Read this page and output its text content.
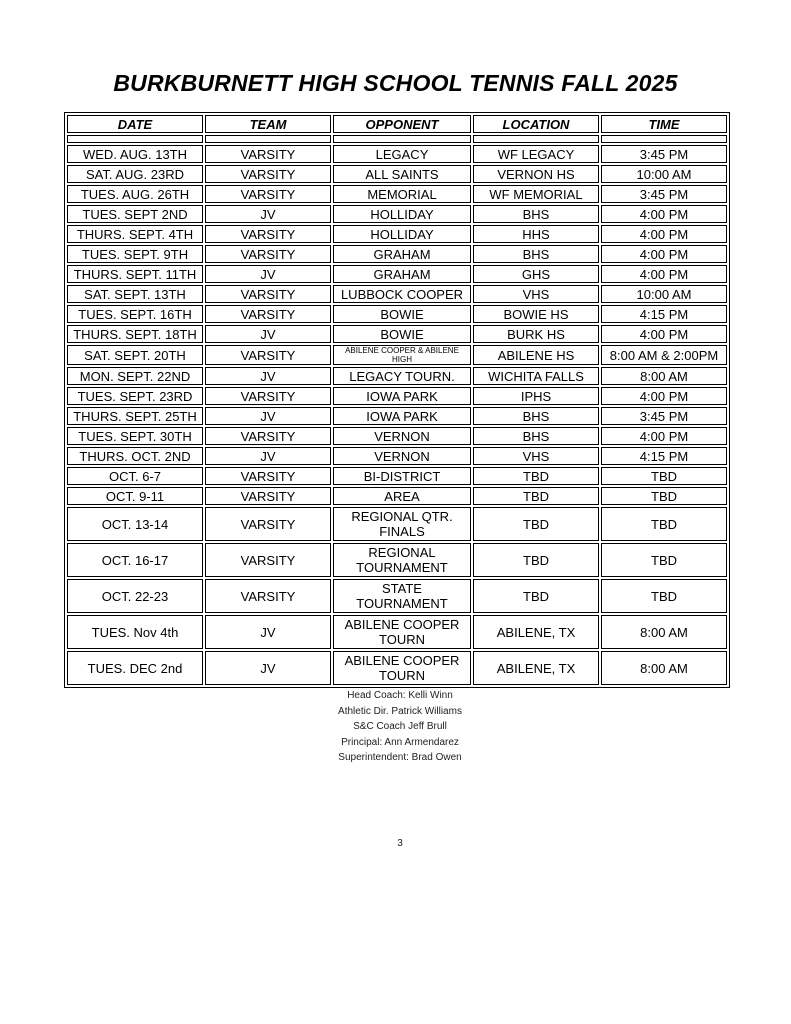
BURKBURNETT HIGH SCHOOL TENNIS FALL 2025
DATE	TEAM	OPPONENT	LOCATION	TIME

WED. AUG. 13TH	VARSITY	LEGACY	WF LEGACY	3:45 PM
SAT. AUG. 23RD	VARSITY	ALL SAINTS	VERNON HS	10:00 AM
TUES. AUG. 26TH	VARSITY	MEMORIAL	WF MEMORIAL	3:45 PM
TUES. SEPT 2ND	JV	HOLLIDAY	BHS	4:00 PM
THURS. SEPT. 4TH	VARSITY	HOLLIDAY	HHS	4:00 PM
TUES. SEPT. 9TH	VARSITY	GRAHAM	BHS	4:00 PM
THURS. SEPT. 11TH	JV	GRAHAM	GHS	4:00 PM
SAT. SEPT. 13TH	VARSITY	LUBBOCK COOPER	VHS	10:00 AM
TUES. SEPT. 16TH	VARSITY	BOWIE	BOWIE HS	4:15 PM
THURS. SEPT. 18TH	JV	BOWIE	BURK HS	4:00 PM
SAT. SEPT. 20TH	VARSITY	ABILENE COOPER & ABILENE HIGH	ABILENE HS	8:00 AM & 2:00PM
MON. SEPT. 22ND	JV	LEGACY TOURN.	WICHITA FALLS	8:00 AM
TUES. SEPT. 23RD	VARSITY	IOWA PARK	IPHS	4:00 PM
THURS. SEPT. 25TH	JV	IOWA PARK	BHS	3:45 PM
TUES. SEPT. 30TH	VARSITY	VERNON	BHS	4:00 PM
THURS. OCT. 2ND	JV	VERNON	VHS	4:15 PM
OCT. 6-7	VARSITY	BI-DISTRICT	TBD	TBD
OCT. 9-11	VARSITY	AREA	TBD	TBD
OCT. 13-14	VARSITY	REGIONAL QTR. FINALS	TBD	TBD
OCT. 16-17	VARSITY	REGIONAL TOURNAMENT	TBD	TBD
OCT. 22-23	VARSITY	STATE TOURNAMENT	TBD	TBD
TUES. Nov 4th	JV	ABILENE COOPER TOURN	ABILENE, TX	8:00 AM
TUES. DEC 2nd	JV	ABILENE COOPER TOURN	ABILENE, TX	8:00 AM
Head Coach: Kelli Winn
Athletic Dir. Patrick Williams
S&C Coach Jeff Brull
Principal: Ann Armendarez
Superintendent: Brad Owen
3
